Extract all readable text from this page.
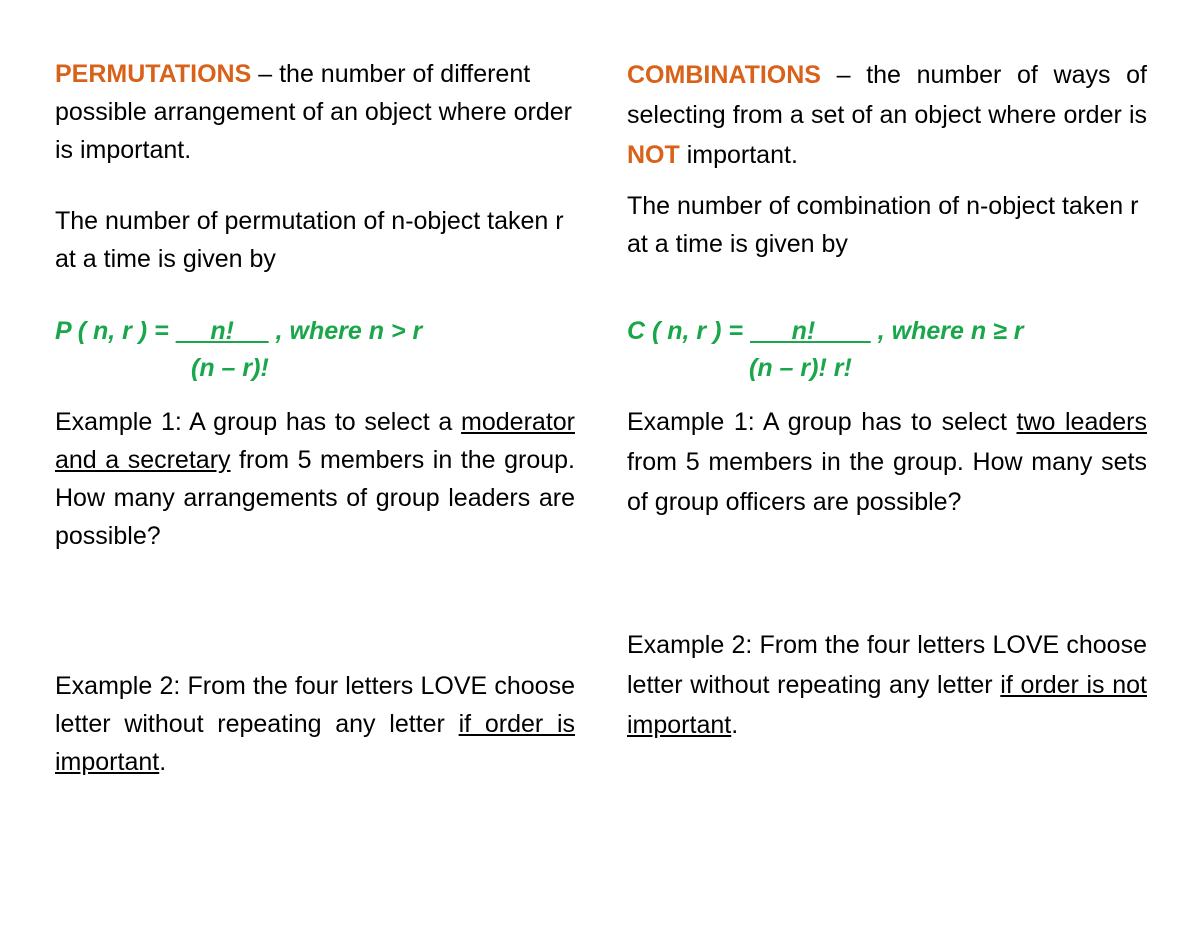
PERMUTATIONS – the number of different possible arrangement of an object where order is important.

The number of permutation of n-object taken r at a time is given by

P ( n, r ) =      n!      , where n > r
(n – r)!

Example 1: A group has to select a moderator and a secretary from 5 members in the group. How many arrangements of group leaders are possible?

Example 2: From the four letters LOVE choose letter without repeating any letter if order is important.

COMBINATIONS – the number of ways of selecting from a set of an object where order is NOT important.

The number of combination of n-object taken r at a time is given by

C ( n, r ) =       n!         , where n ≥ r
(n – r)! r!

Example 1: A group has to select two leaders from 5 members in the group. How many sets of group officers are possible?

Example 2: From the four letters LOVE choose letter without repeating any letter if order is not important.
